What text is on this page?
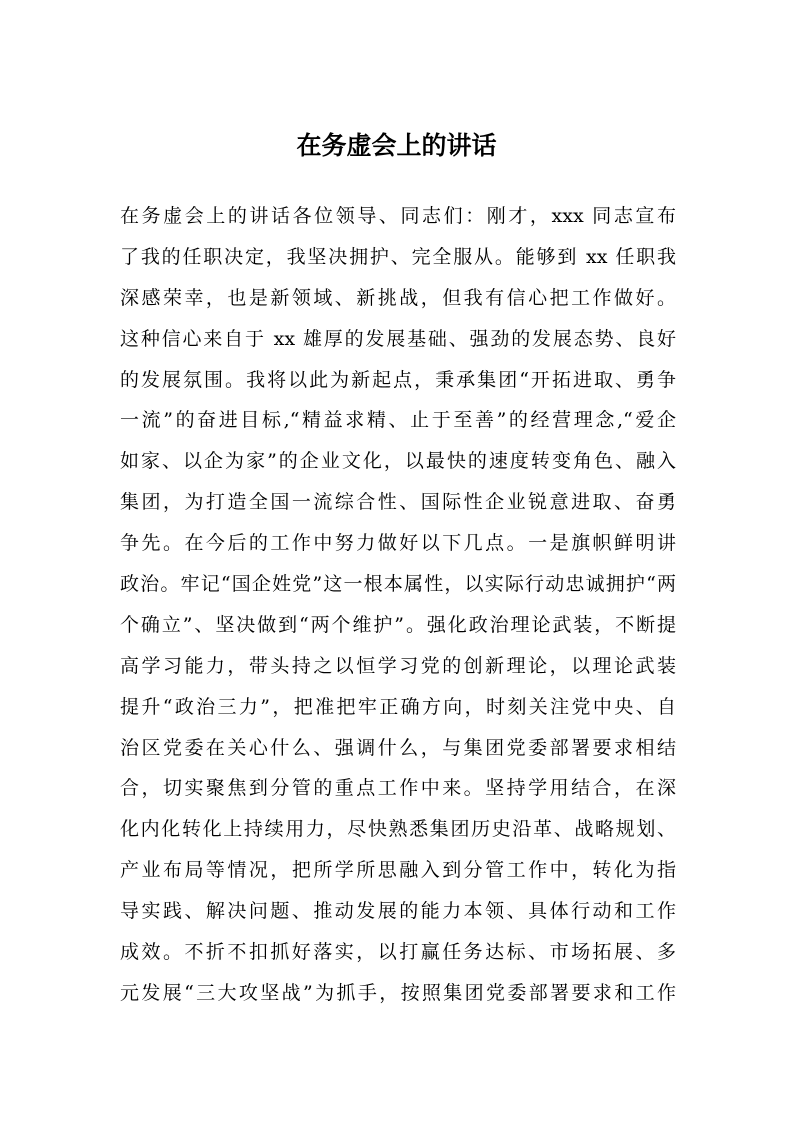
在务虚会上的讲话
在务虚会上的讲话各位领导、同志们：刚才，xxx 同志宣布
了我的任职决定，我坚决拥护、完全服从。能够到 xx 任职我
深感荣幸，也是新领域、新挑战，但我有信心把工作做好。
这种信心来自于 xx 雄厚的发展基础、强劲的发展态势、良好
的发展氛围。我将以此为新起点，秉承集团“开拓进取、勇争
一流”的奋进目标,“精益求精、止于至善”的经营理念,“爱企
如家、以企为家”的企业文化，以最快的速度转变角色、融入
集团，为打造全国一流综合性、国际性企业锐意进取、奋勇
争先。在今后的工作中努力做好以下几点。一是旗帜鲜明讲
政治。牢记“国企姓党”这一根本属性，以实际行动忠诚拥护“两
个确立”、坚决做到“两个维护”。强化政治理论武装，不断提
高学习能力，带头持之以恒学习党的创新理论，以理论武装
提升“政治三力”，把准把牢正确方向，时刻关注党中央、自
治区党委在关心什么、强调什么，与集团党委部署要求相结
合，切实聚焦到分管的重点工作中来。坚持学用结合，在深
化内化转化上持续用力，尽快熟悉集团历史沿革、战略规划、
产业布局等情况，把所学所思融入到分管工作中，转化为指
导实践、解决问题、推动发展的能力本领、具体行动和工作
成效。不折不扣抓好落实，以打赢任务达标、市场拓展、多
元发展“三大攻坚战”为抓手，按照集团党委部署要求和工作
